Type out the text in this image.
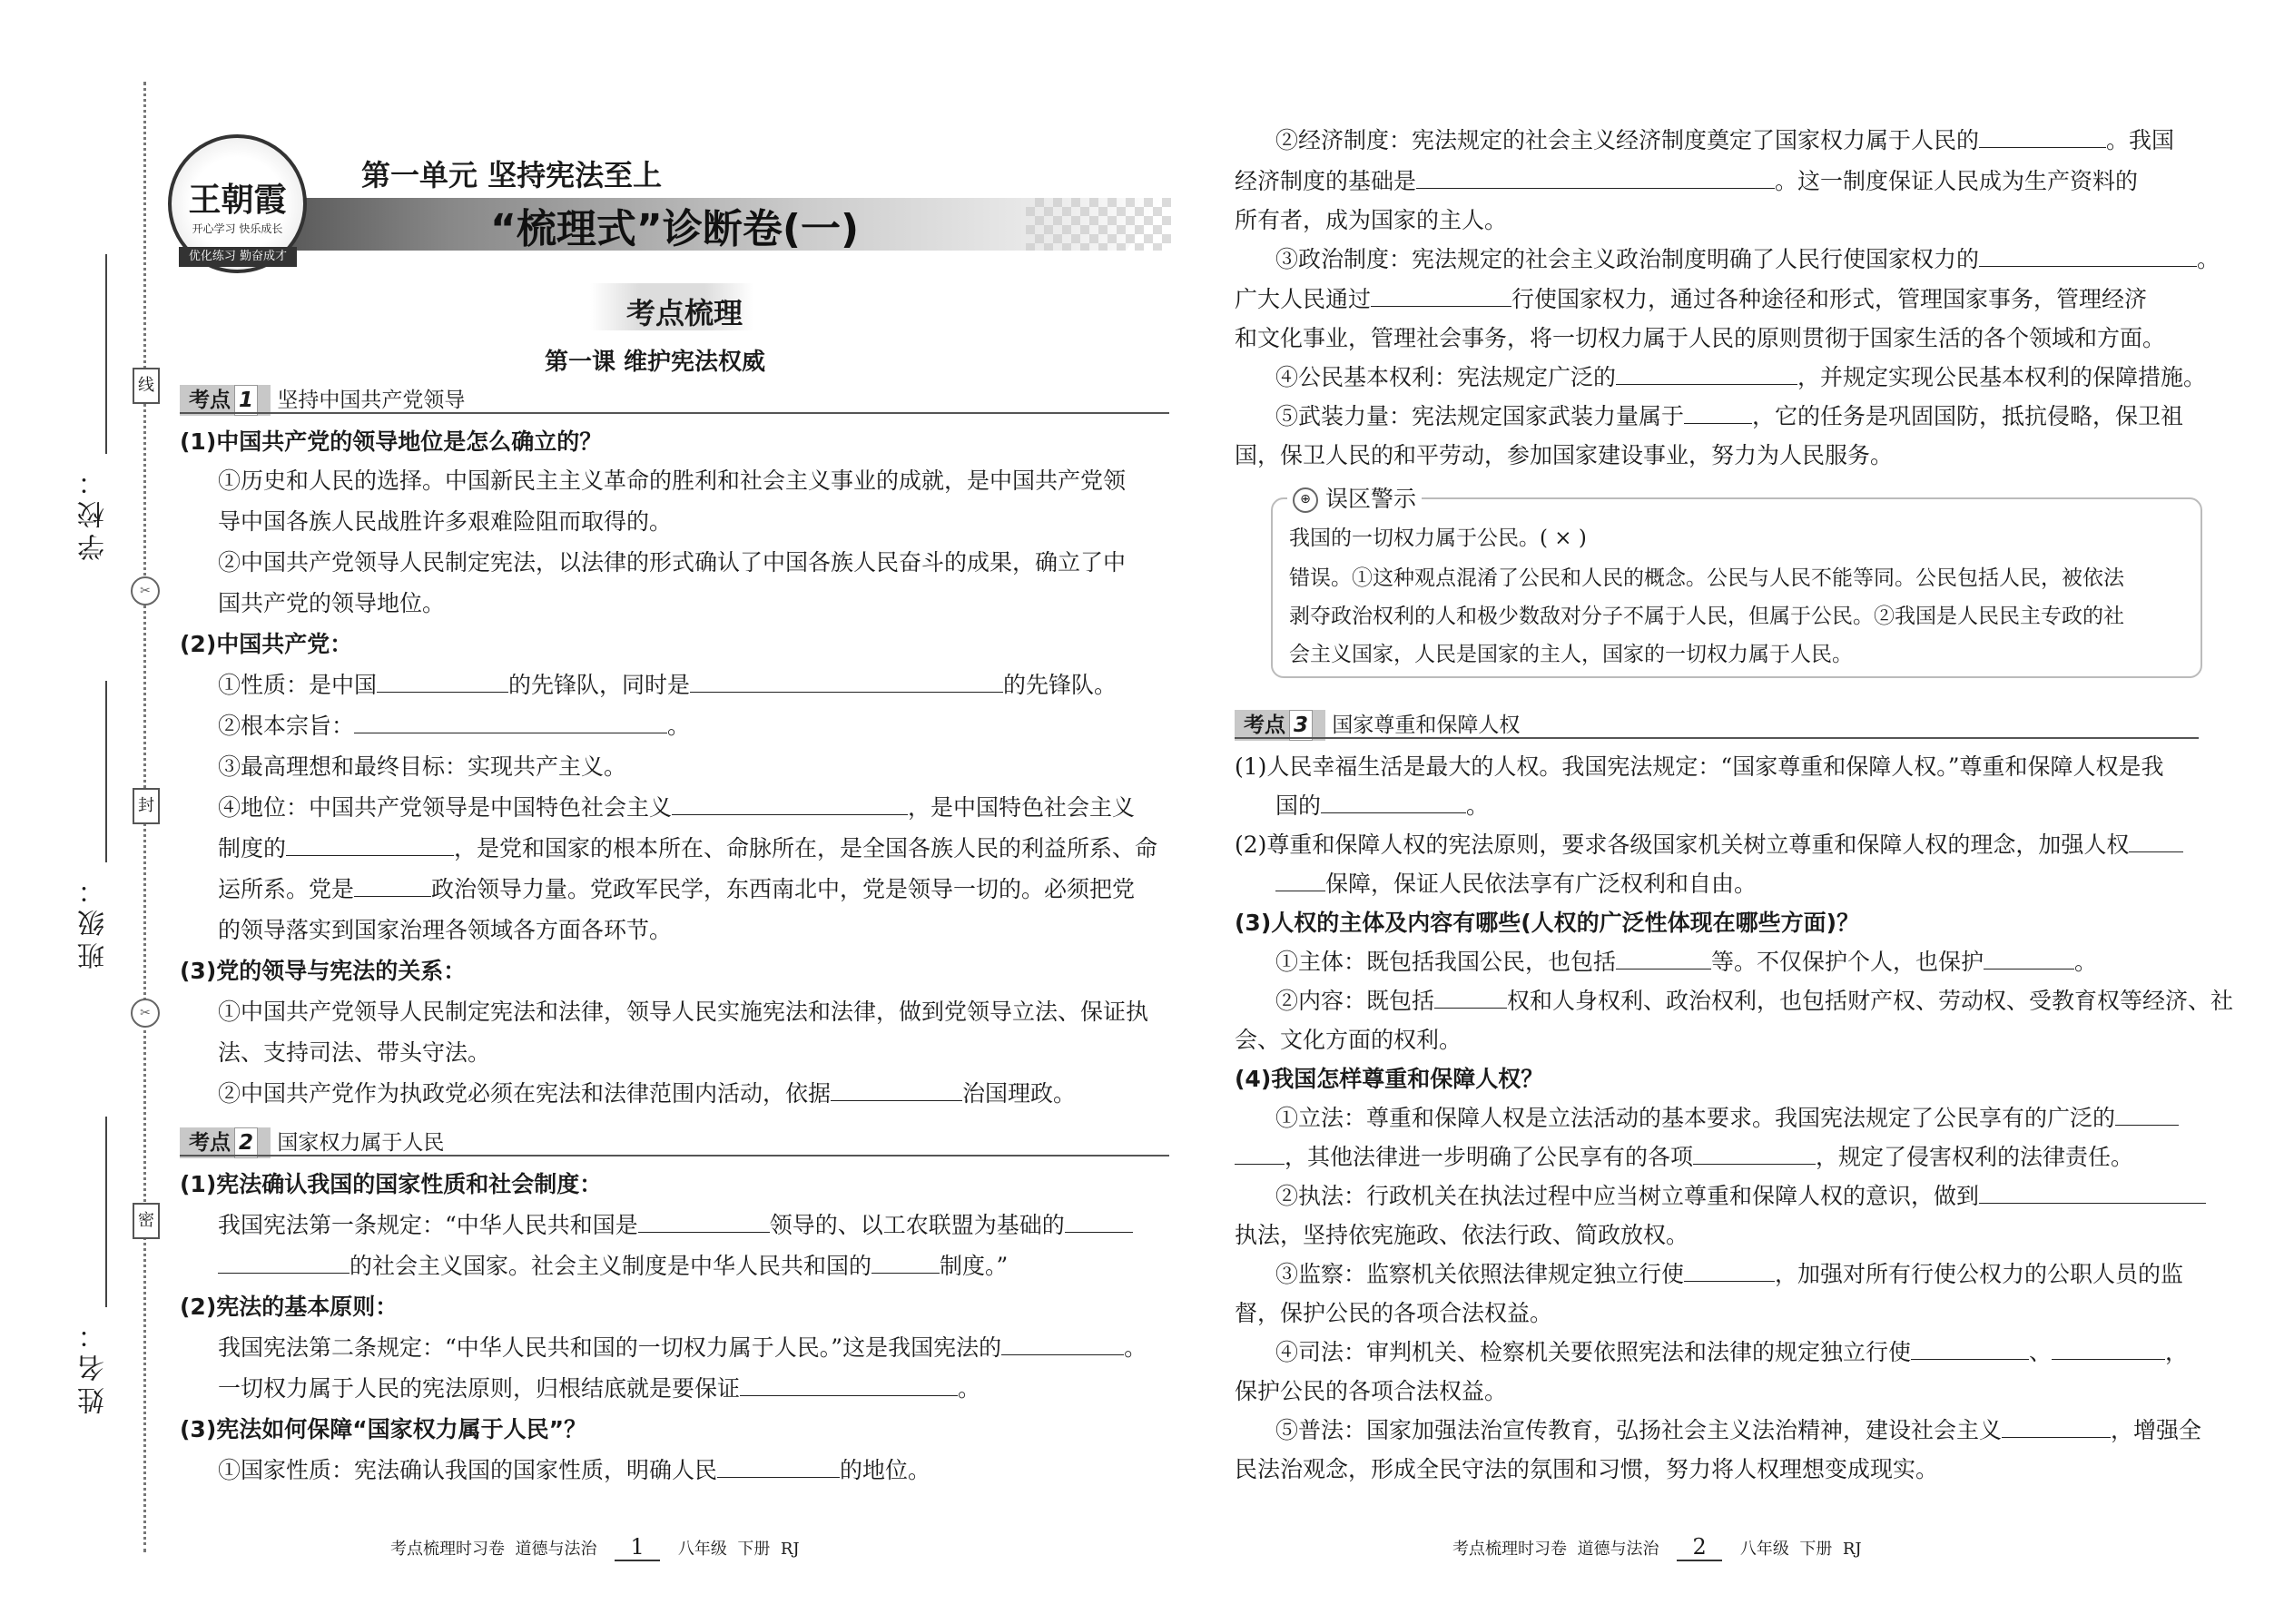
学校：
班级：
姓名：
线
✂
封
✂
密
王朝霞
开心学习 快乐成长
优化练习 勤奋成才
第一单元 坚持宪法至上
“梳理式”诊断卷(一)
考点梳理
第一课 维护宪法权威
考点 1 坚持中国共产党领导
(1)中国共产党的领导地位是怎么确立的？
①历史和人民的选择。中国新民主主义革命的胜利和社会主义事业的成就，是中国共产党领
导中国各族人民战胜许多艰难险阻而取得的。
②中国共产党领导人民制定宪法，以法律的形式确认了中国各族人民奋斗的成果，确立了中
国共产党的领导地位。
(2)中国共产党：
①性质：是中国	的先锋队，同时是	的先锋队。
②根本宗旨：	。
③最高理想和最终目标：实现共产主义。
④地位：中国共产党领导是中国特色社会主义	，是中国特色社会主义
制度的	，是党和国家的根本所在、命脉所在，是全国各族人民的利益所系、命
运所系。党是	政治领导力量。党政军民学，东西南北中，党是领导一切的。必须把党
的领导落实到国家治理各领域各方面各环节。
(3)党的领导与宪法的关系：
①中国共产党领导人民制定宪法和法律，领导人民实施宪法和法律，做到党领导立法、保证执
法、支持司法、带头守法。
②中国共产党作为执政党必须在宪法和法律范围内活动，依据	治国理政。
考点 2 国家权力属于人民
(1)宪法确认我国的国家性质和社会制度：
我国宪法第一条规定：“中华人民共和国是	领导的、以工农联盟为基础的
的社会主义国家。社会主义制度是中华人民共和国的	制度。”
(2)宪法的基本原则：
我国宪法第二条规定：“中华人民共和国的一切权力属于人民。”这是我国宪法的	。
一切权力属于人民的宪法原则，归根结底就是要保证	。
(3)宪法如何保障“国家权力属于人民”？
①国家性质：宪法确认我国的国家性质，明确人民	的地位。
考点梳理时习卷 道德与法治 1 八年级 下册 RJ
②经济制度：宪法规定的社会主义经济制度奠定了国家权力属于人民的	。我国
经济制度的基础是	。这一制度保证人民成为生产资料的
所有者，成为国家的主人。
③政治制度：宪法规定的社会主义政治制度明确了人民行使国家权力的	。
广大人民通过	行使国家权力，通过各种途径和形式，管理国家事务，管理经济
和文化事业，管理社会事务，将一切权力属于人民的原则贯彻于国家生活的各个领域和方面。
④公民基本权利：宪法规定广泛的	，并规定实现公民基本权利的保障措施。
⑤武装力量：宪法规定国家武装力量属于	，它的任务是巩固国防，抵抗侵略，保卫祖
国，保卫人民的和平劳动，参加国家建设事业，努力为人民服务。
⊕ 误区警示
我国的一切权力属于公民。( × )
错误。①这种观点混淆了公民和人民的概念。公民与人民不能等同。公民包括人民，被依法
剥夺政治权利的人和极少数敌对分子不属于人民，但属于公民。②我国是人民民主专政的社
会主义国家，人民是国家的主人，国家的一切权力属于人民。
考点 3 国家尊重和保障人权
(1)人民幸福生活是最大的人权。我国宪法规定：“国家尊重和保障人权。”尊重和保障人权是我
国的	。
(2)尊重和保障人权的宪法原则，要求各级国家机关树立尊重和保障人权的理念，加强人权
保障，保证人民依法享有广泛权利和自由。
(3)人权的主体及内容有哪些(人权的广泛性体现在哪些方面)？
①主体：既包括我国公民，也包括	等。不仅保护个人，也保护	。
②内容：既包括	权和人身权利、政治权利，也包括财产权、劳动权、受教育权等经济、社
会、文化方面的权利。
(4)我国怎样尊重和保障人权？
①立法：尊重和保障人权是立法活动的基本要求。我国宪法规定了公民享有的广泛的
，其他法律进一步明确了公民享有的各项	，规定了侵害权利的法律责任。
②执法：行政机关在执法过程中应当树立尊重和保障人权的意识，做到
执法，坚持依宪施政、依法行政、简政放权。
③监察：监察机关依照法律规定独立行使	，加强对所有行使公权力的公职人员的监
督，保护公民的各项合法权益。
④司法：审判机关、检察机关要依照宪法和法律的规定独立行使	、	，
保护公民的各项合法权益。
⑤普法：国家加强法治宣传教育，弘扬社会主义法治精神，建设社会主义	，增强全
民法治观念，形成全民守法的氛围和习惯，努力将人权理想变成现实。
考点梳理时习卷 道德与法治 2 八年级 下册 RJ
